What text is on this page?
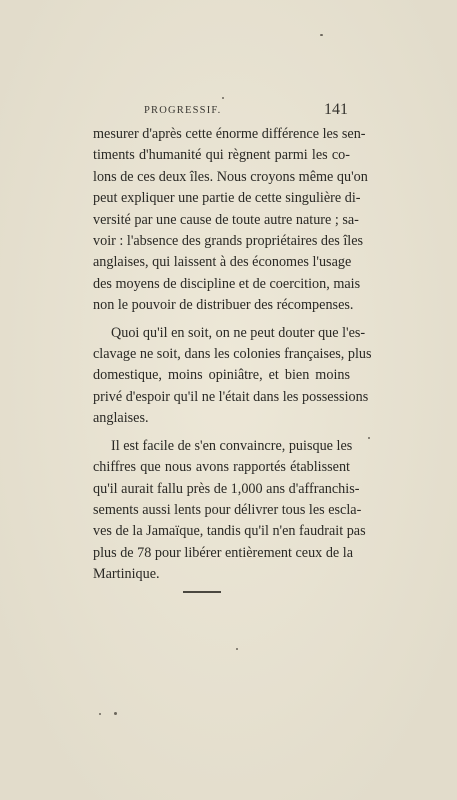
PROGRESSIF.	141

mesurer d'après cette énorme différence les sen-
timents d'humanité qui règnent parmi les co-
lons de ces deux îles. Nous croyons même qu'on
peut expliquer une partie de cette singulière di-
versité par une cause de toute autre nature ; sa-
voir : l'absence des grands propriétaires des îles
anglaises, qui laissent à des économes l'usage
des moyens de discipline et de coercition, mais
non le pouvoir de distribuer des récompenses.

Quoi qu'il en soit, on ne peut douter que l'es-
clavage ne soit, dans les colonies françaises, plus
domestique, moins opiniâtre, et bien moins
privé d'espoir qu'il ne l'était dans les possessions
anglaises.

Il est facile de s'en convaincre, puisque les
chiffres que nous avons rapportés établissent
qu'il aurait fallu près de 1,000 ans d'affranchis-
sements aussi lents pour délivrer tous les escla-
ves de la Jamaïque, tandis qu'il n'en faudrait pas
plus de 78 pour libérer entièrement ceux de la
Martinique.
